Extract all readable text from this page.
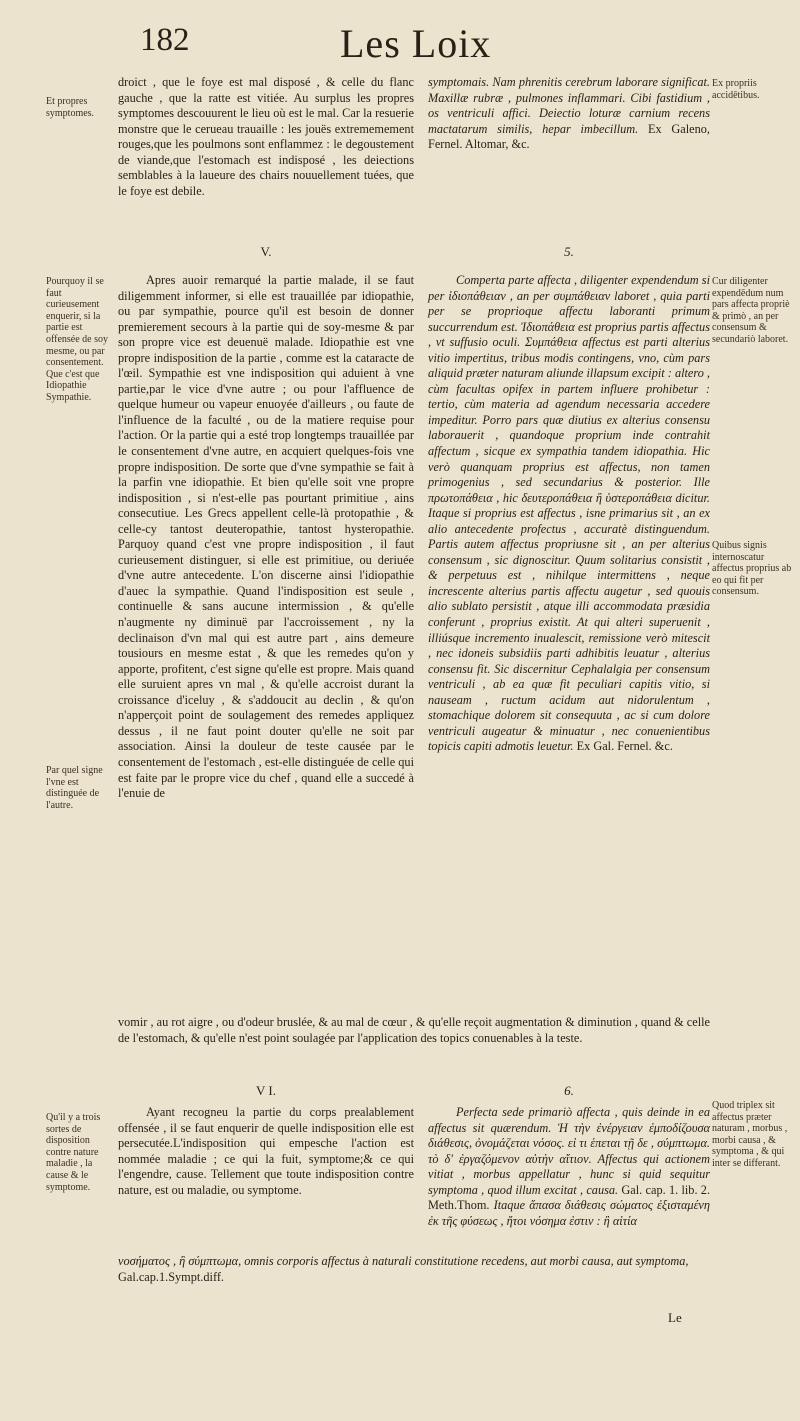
182	Les Loix
Et propres symptomes.

droict , que le foye est mal disposé , & celle du flanc gauche , que la ratte est vitiée. Au surplus les propres symptomes descouurent le lieu où est le mal. Car la resuerie monstre que le cerueau trauaille : les jouës extrememement rouges,que les poulmons sont enflammez : le degoustement de viande,que l'estomach est indisposé , les deiections semblables à la laueure des chairs nouuellement tuées, que le foye est debile.

symptomais. Nam phrenitis cerebrum laborare significat. Maxillæ rubræ , pulmones inflammari. Cibi fastidium , os ventriculi affici. Deiectio loturæ carnium recens mactatarum similis, hepar imbecillum. Ex Galeno, Fernel. Altomar, &c.

Ex propriis accidētibus.
V.	5.
Pourquoy il se faut curieusement enquerir, si la partie est offensée de soy mesme, ou par consentement. Que c'est que Idiopathie Sympathie.

Apres auoir remarqué la partie malade, il se faut diligemment informer, si elle est trauaillée par idiopathie, ou par sympathie, pource qu'il est besoin de donner premierement secours à la partie qui de soy-mesme & par son propre vice est deuenuë malade. Idiopathie est vne propre indisposition de la partie , comme est la cataracte de l'œil. Sympathie est vne indisposition qui aduient à vne partie,par le vice d'vne autre ; ou pour l'affluence de quelque humeur ou vapeur enuoyée d'ailleurs , ou faute de l'influence de la faculté , ou de la matiere requise pour l'action. Or la partie qui a esté trop longtemps trauaillée par le consentement d'vne autre, en acquiert quelques-fois vne propre indisposition. De sorte que d'vne sympathie se fait à la parfin vne idiopathie. Et bien qu'elle soit vne propre indisposition , si n'est-elle pas pourtant primitiue , ains consecutiue. Les Grecs appellent celle-là protopathie , & celle-cy tantost deuteropathie, tantost hysteropathie. Parquoy quand c'est vne propre indisposition , il faut curieusement distinguer, si elle est primitiue, ou deriuée d'vne autre antecedente. L'on discerne ainsi l'idiopathie d'auec la sympathie. Quand l'indisposition est seule , continuelle & sans aucune intermission , & qu'elle n'augmente ny diminuë par l'accroissement , ny la declinaison d'vn mal qui est autre part , ains demeure tousiours en mesme estat , & que les remedes qu'on y apporte, profitent, c'est signe qu'elle est propre. Mais quand elle suruient apres vn mal , & qu'elle accroist durant la croissance d'iceluy , & s'addoucit au declin , & qu'on n'apperçoit point de soulagement des remedes appliquez dessus , il ne faut point douter qu'elle ne soit par association. Ainsi la douleur de teste causée par le consentement de l'estomach , est-elle distinguée de celle qui est faite par le propre vice du chef , quand elle a succedé à l'enuie de

Par quel signe l'vne est distinguée de l'autre.

Comperta parte affecta , diligenter expendendum si per ἰδιοπάθειαν , an per συμπάθειαν laboret , quia parti per se proprioque affectu laboranti primum succurrendum est. Ἰδιοπάθεια est proprius partis affectus , vt suffusio oculi. Συμπάθεια affectus est parti alterius vitio impertitus, tribus modis contingens, vno, cùm pars aliquid præter naturam aliunde illapsum excipit : altero , cùm facultas opifex in partem influere prohibetur : tertio, cùm materia ad agendum necessaria accedere impeditur. Porro pars quæ diutius ex alterius consensu laborauerit , quandoque proprium inde contrahit affectum , sicque ex sympathia tandem idiopathia. Hic verò quanquam proprius est affectus, non tamen primogenius , sed secundarius & posterior. Ille πρωτοπάθεια , hic δευτεροπάθεια ἢ ὑστεροπάθεια dicitur. Itaque si proprius est affectus , isne primarius sit , an ex alio antecedente profectus , accuratè distinguendum. Partis autem affectus propriusne sit , an per alterius consensum , sic dignoscitur. Quum solitarius consistit , & perpetuus est , nihilque intermittens , neque increscente alterius partis affectu augetur , sed quouis alio sublato persistit , atque illi accommodata præsidia conferunt , proprius existit. At qui alteri superuenit , illiúsque incremento inualescit, remissione verò mitescit , nec idoneis subsidiis parti adhibitis leuatur , alterius consensu fit. Sic discernitur Cephalalgia per consensum ventriculi , ab ea quæ fit peculiari capitis vitio, si nauseam , ructum acidum aut nidorulentum , stomachique dolorem sit consequuta , ac si cum dolore ventriculi augeatur & minuatur , nec conuenientibus topicis capiti admotis leuetur. Ex Gal. Fernel. &c.

Cur diligenter expendēdum num pars affecta propriè & primò , an per consensum & secundariò laboret.
Quibus signis internoscatur affectus proprius ab eo qui fit per consensum.

vomir , au rot aigre , ou d'odeur bruslée, & au mal de cœur , & qu'elle reçoit augmentation & diminution , quand & celle de l'estomach, & qu'elle n'est point soulagée par l'application des topics conuenables à la teste.

V I.	6.
Qu'il y a trois sortes de disposition contre nature maladie , la cause & le symptome.

Ayant recogneu la partie du corps prealablement offensée , il se faut enquerir de quelle indisposition elle est persecutée.L'indisposition qui empesche l'action est nommée maladie ; ce qui la fuit, symptome;& ce qui l'engendre, cause. Tellement que toute indisposition contre nature, est ou maladie, ou symptome.

Perfecta sede primariò affecta , quis deinde in ea affectus sit quærendum. Ἡ τὴν ἐνέργειαν ἐμποδίζουσα διάθεσις, ὀνομάζεται νόσος. εἰ τι ἑπεται τῇ δε , σύμπτωμα. τὸ δ' ἐργαζόμενον αὐτὴν αἴτιον. Affectus qui actionem vitiat , morbus appellatur , hunc si quid sequitur symptoma , quod illum excitat , causa. Gal. cap. 1. lib. 2. Meth.Thom. Itaque ἅπασα διάθεσις σώματος ἐξισταμένη ἐκ τῆς φύσεως , ἤτοι νόσημα ἐστιν : ἢ αἰτία

Quod triplex sit affectus præter naturam , morbus , morbi causa , & symptoma , & qui inter se differant.
νοσήματος , ἢ σύμπτωμα, omnis corporis affectus à naturali constitutione recedens, aut morbi causa, aut symptoma, Gal.cap.1.Sympt.diff.
Le
